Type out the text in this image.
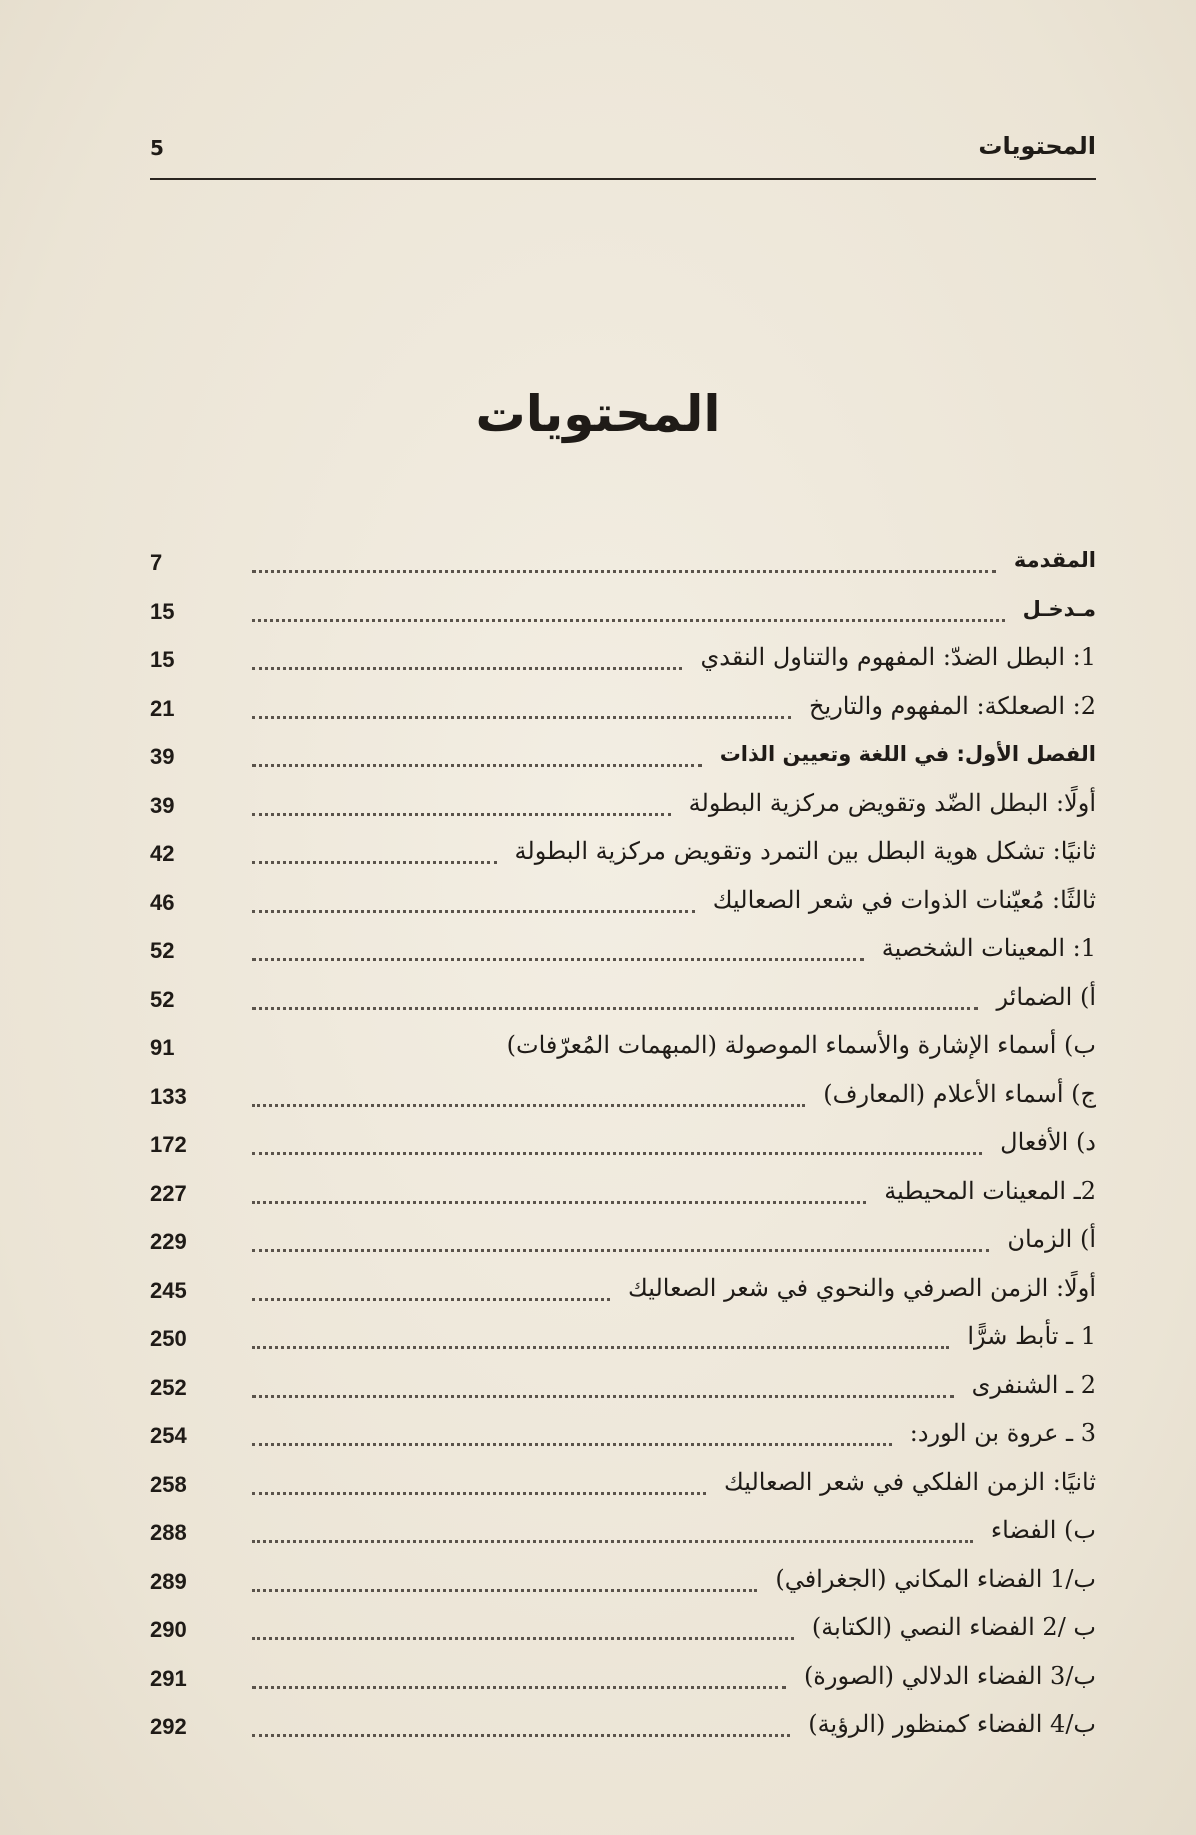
المحتويات
5
المحتويات
المقدمة
7
مـدخـل
15
1: البطل الضدّ: المفهوم والتناول النقدي
15
2: الصعلكة: المفهوم والتاريخ
21
الفصل الأول: في اللغة وتعيين الذات
39
أولًا: البطل الضّد وتقويض مركزية البطولة
39
ثانيًا: تشكل هوية البطل بين التمرد وتقويض مركزية البطولة
42
ثالثًا: مُعيّنات الذوات في شعر الصعاليك
46
1: المعينات الشخصية
52
أ) الضمائر
52
ب) أسماء الإشارة والأسماء الموصولة (المبهمات المُعرّفات)
91
ج) أسماء الأعلام (المعارف)
133
د) الأفعال
172
2ـ المعينات المحيطية
227
أ) الزمان
229
أولًا: الزمن الصرفي والنحوي في شعر الصعاليك
245
1 ـ تأبط شرًّا
250
2 ـ الشنفرى
252
3 ـ عروة بن الورد:
254
ثانيًا: الزمن الفلكي في شعر الصعاليك
258
ب) الفضاء
288
ب/1 الفضاء المكاني (الجغرافي)
289
ب /2 الفضاء النصي (الكتابة)
290
ب/3 الفضاء الدلالي (الصورة)
291
ب/4 الفضاء كمنظور (الرؤية)
292
